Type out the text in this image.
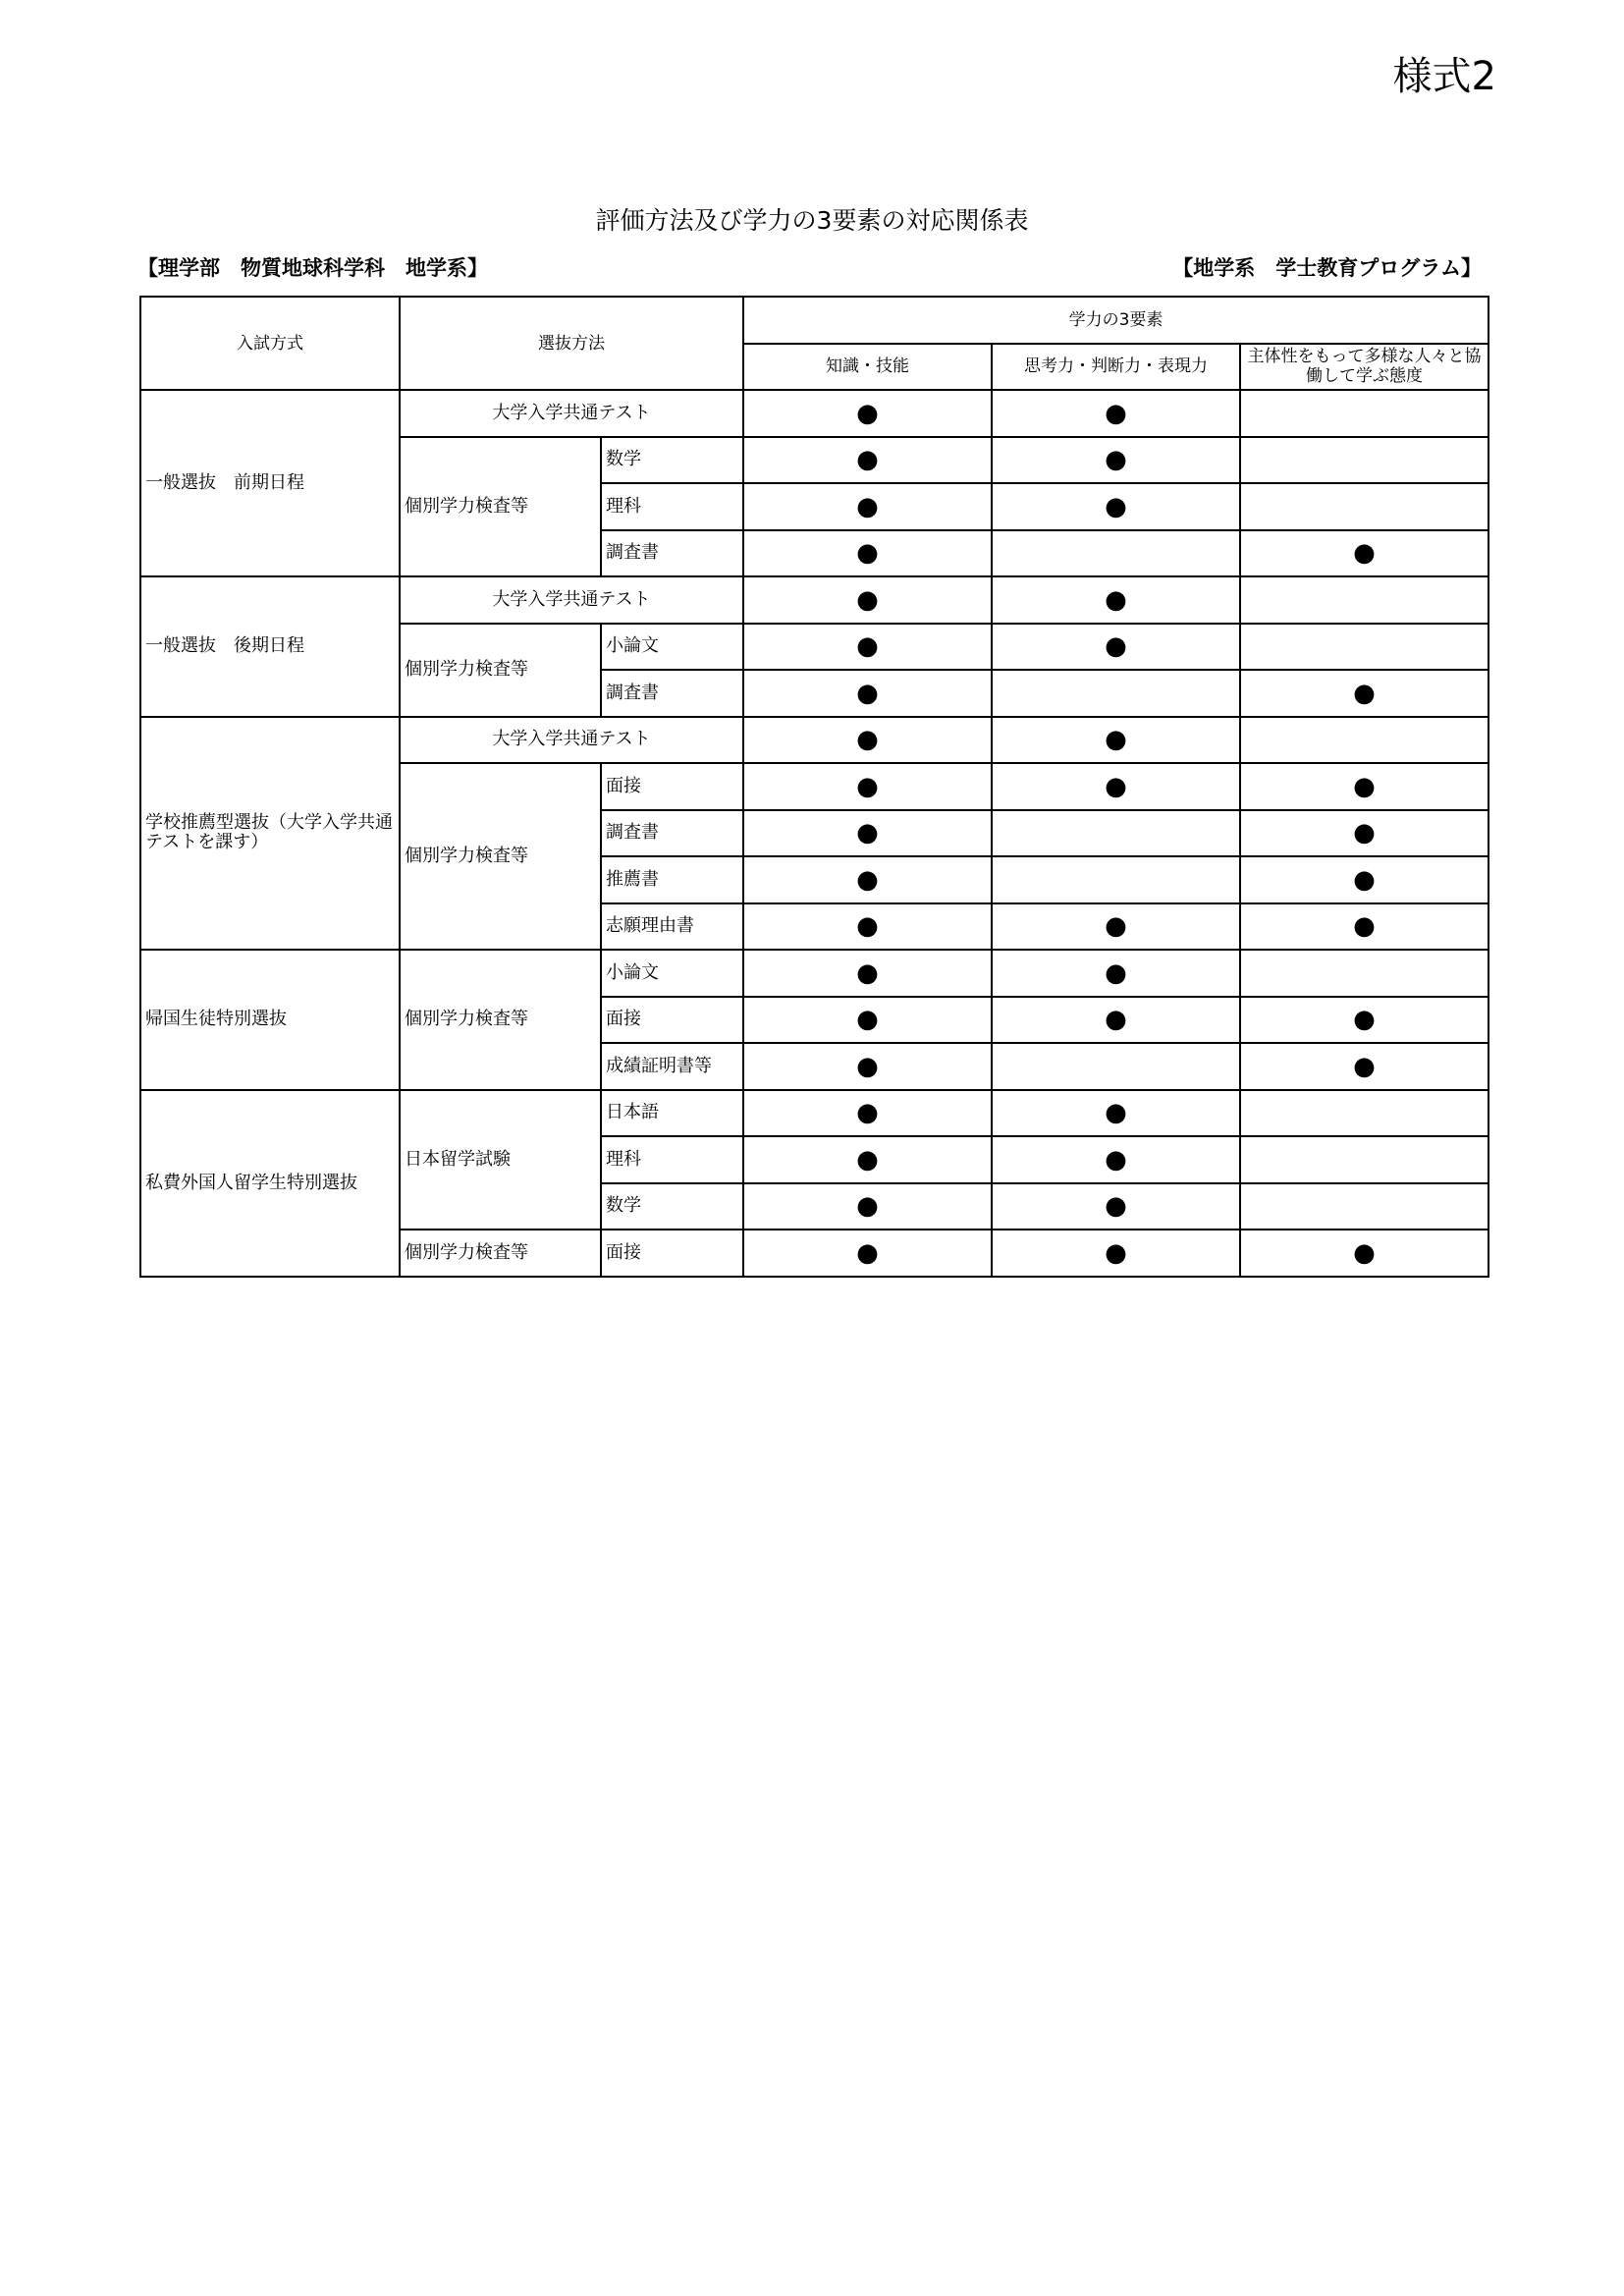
様式2
評価方法及び学力の3要素の対応関係表
【理学部　物質地球科学科　地学系】	【地学系　学士教育プログラム】
入試方式	選抜方法		学力の3要素		
			知識・技能	思考力・判断力・表現力	主体性をもって多様な人々と協働して学ぶ態度
一般選抜　前期日程	大学入学共通テスト		●	●	
	個別学力検査等	数学	●	●	
		理科	●	●	
		調査書	●		●
一般選抜　後期日程	大学入学共通テスト		●	●	
	個別学力検査等	小論文	●	●	
		調査書	●		●
学校推薦型選抜（大学入学共通テストを課す）	大学入学共通テスト		●	●	
	個別学力検査等	面接	●	●	●
		調査書	●		●
		推薦書	●		●
		志願理由書	●	●	●
帰国生徒特別選抜	個別学力検査等	小論文	●	●	
		面接	●	●	●
		成績証明書等	●		●
私費外国人留学生特別選抜	日本留学試験	日本語	●	●	
		理科	●	●	
		数学	●	●	
	個別学力検査等	面接	●	●	●
